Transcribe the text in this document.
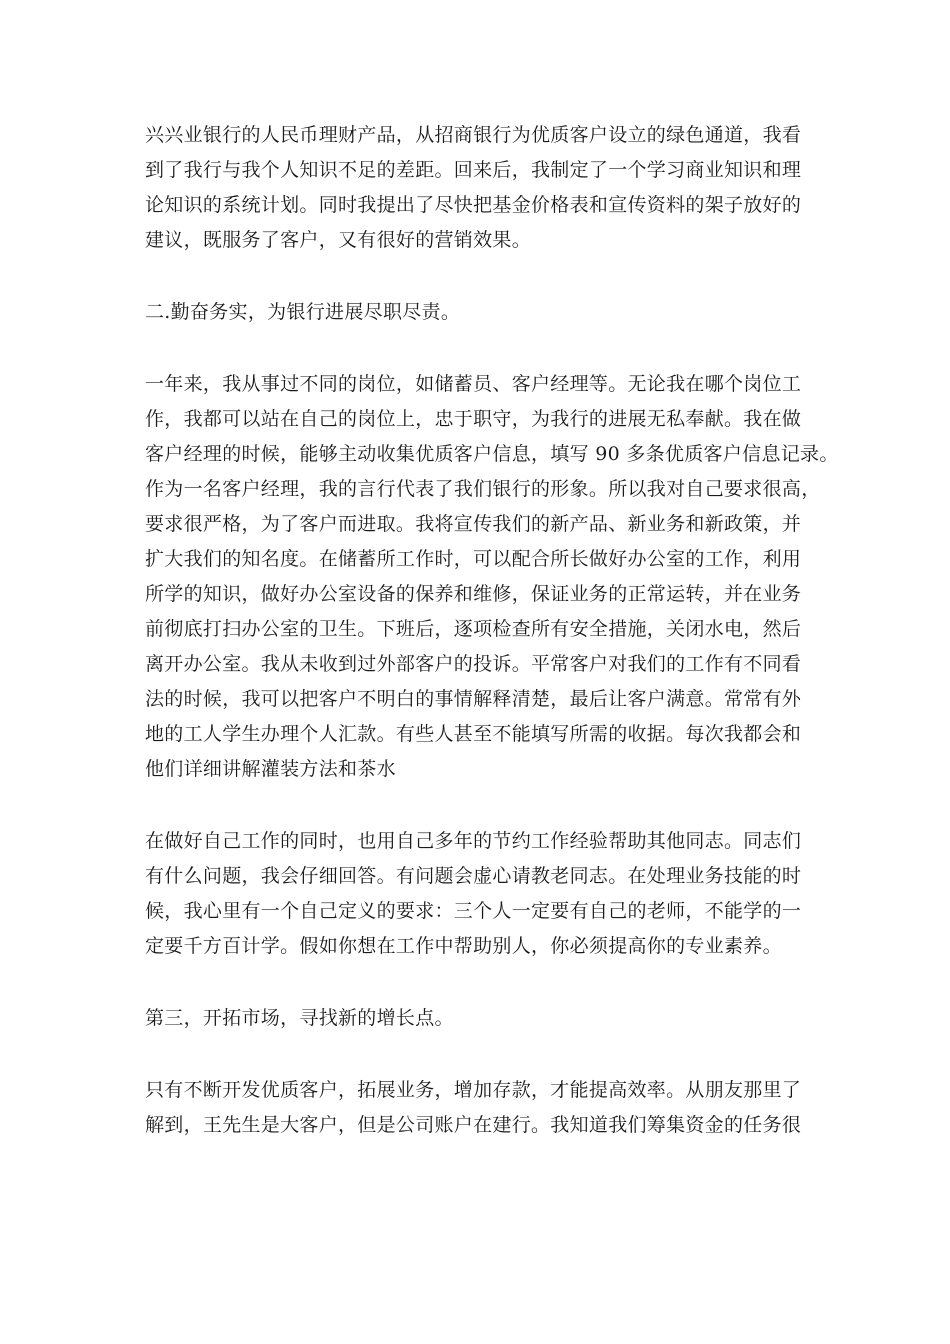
兴兴业银行的人民币理财产品，从招商银行为优质客户设立的绿色通道，我看
到了我行与我个人知识不足的差距。回来后，我制定了一个学习商业知识和理
论知识的系统计划。同时我提出了尽快把基金价格表和宣传资料的架子放好的
建议，既服务了客户，又有很好的营销效果。
二.勤奋务实，为银行进展尽职尽责。
一年来，我从事过不同的岗位，如储蓄员、客户经理等。无论我在哪个岗位工
作，我都可以站在自己的岗位上，忠于职守，为我行的进展无私奉献。我在做
客户经理的时候，能够主动收集优质客户信息，填写 90 多条优质客户信息记录。
作为一名客户经理，我的言行代表了我们银行的形象。所以我对自己要求很高，
要求很严格，为了客户而进取。我将宣传我们的新产品、新业务和新政策，并
扩大我们的知名度。在储蓄所工作时，可以配合所长做好办公室的工作，利用
所学的知识，做好办公室设备的保养和维修，保证业务的正常运转，并在业务
前彻底打扫办公室的卫生。下班后，逐项检查所有安全措施，关闭水电，然后
离开办公室。我从未收到过外部客户的投诉。平常客户对我们的工作有不同看
法的时候，我可以把客户不明白的事情解释清楚，最后让客户满意。常常有外
地的工人学生办理个人汇款。有些人甚至不能填写所需的收据。每次我都会和
他们详细讲解灌装方法和茶水
在做好自己工作的同时，也用自己多年的节约工作经验帮助其他同志。同志们
有什么问题，我会仔细回答。有问题会虚心请教老同志。在处理业务技能的时
候，我心里有一个自己定义的要求：三个人一定要有自己的老师，不能学的一
定要千方百计学。假如你想在工作中帮助别人，你必须提高你的专业素养。
第三，开拓市场，寻找新的增长点。
只有不断开发优质客户，拓展业务，增加存款，才能提高效率。从朋友那里了
解到，王先生是大客户，但是公司账户在建行。我知道我们筹集资金的任务很
